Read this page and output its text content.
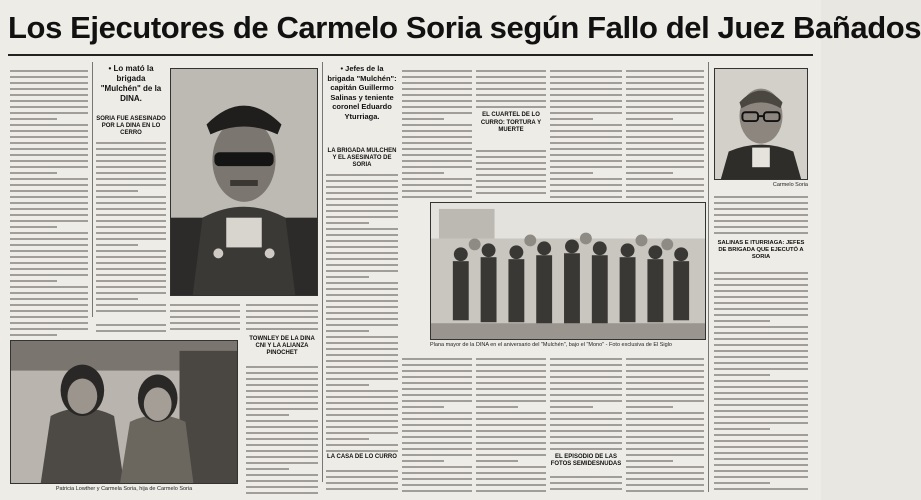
Los Ejecutores de Carmelo Soria según Fallo del Juez Bañados
• Lo mató la brigada "Mulchén" de la DINA.
SORIA FUE ASESINADO POR LA DINA EN LO CERRO
• Jefes de la brigada "Mulchén": capitán Guillermo Salinas y teniente coronel Eduardo Yturriaga.
LA BRIGADA MULCHEN Y EL ASESINATO DE SORIA
LA CASA DE LO CURRO
EL CUARTEL DE LO CURRO: TORTURA Y MUERTE
Plana mayor de la DINA en el aniversario del "Mulchén", bajo el "Mono" - Foto exclusiva de El Siglo
EL EPISODIO DE LAS FOTOS SEMIDESNUDAS
Carmelo Soria
SALINAS E ITURRIAGA: JEFES DE BRIGADA QUE EJECUTÓ A SORIA
TOWNLEY DE LA DINA CNI Y LA ALIANZA PINOCHET
Patricia Lowther y Carmela Soria, hija de Carmelo Soria
